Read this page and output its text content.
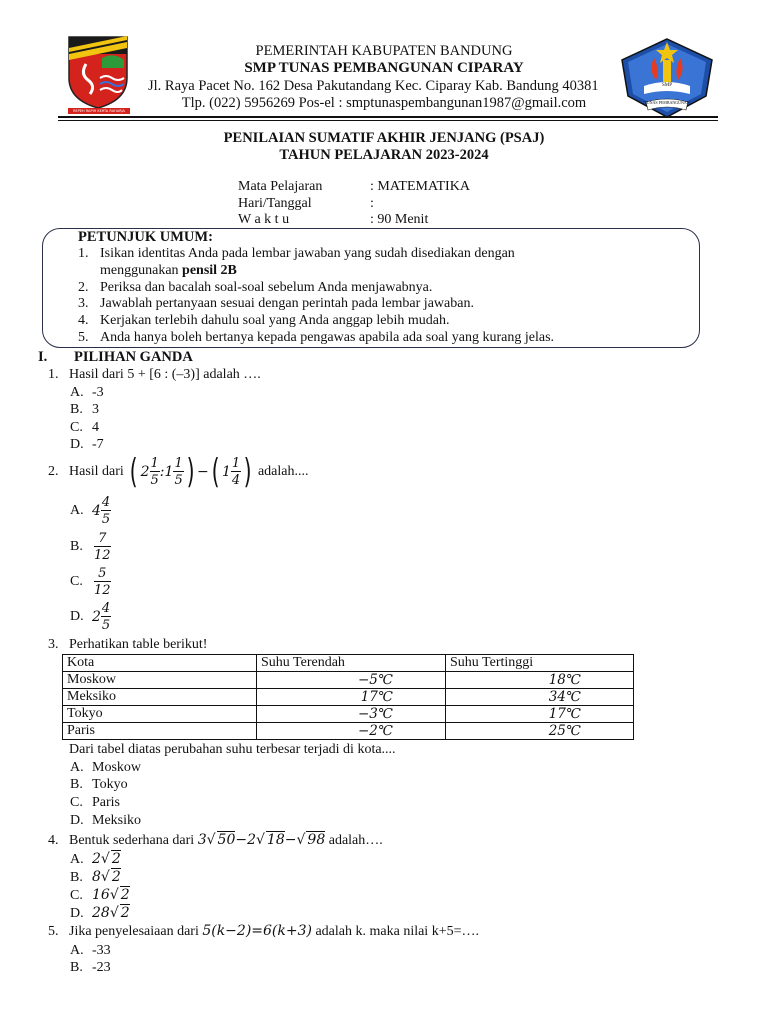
REPEH RAPIH KERTA RAHARJA
SMP
TUNAS PEMBANGUNAN
PEMERINTAH KABUPATEN BANDUNG
SMP TUNAS PEMBANGUNAN CIPARAY
Jl. Raya Pacet No. 162 Desa Pakutandang Kec. Ciparay Kab. Bandung 40381
Tlp. (022) 5956269 Pos-el : smptunaspembangunan1987@gmail.com
PENILAIAN SUMATIF AKHIR JENJANG (PSAJ)
TAHUN PELAJARAN 2023-2024
Mata Pelajaran	: MATEMATIKA
Hari/Tanggal	:
W a k t u	: 90 Menit
PETUNJUK UMUM:
1. Isikan identitas Anda pada lembar jawaban yang sudah disediakan dengan
menggunakan pensil 2B
2. Periksa dan bacalah soal-soal sebelum Anda menjawabnya.
3. Jawablah pertanyaan sesuai dengan perintah pada lembar jawaban.
4. Kerjakan terlebih dahulu soal yang Anda anggap lebih mudah.
5. Anda hanya boleh bertanya kepada pengawas apabila ada soal yang kurang jelas.
I. PILIHAN GANDA
1. Hasil dari 5 + [6 : (–3)] adalah ….
A. -3
B. 3
C. 4
D. -7
2. Hasil dari ( $2 \frac{1}{5}$ :1 $\frac{1}{5}$ ) −( $1 \frac{1}{4}$ ) adalah....
A. $4 \frac{4}{5}$
B. $\frac{7}{12}$
C. $\frac{5}{12}$
D. $2 \frac{4}{5}$
3. Perhatikan table berikut!
Kota	Suhu Terendah	Suhu Tertinggi
Moskow	−5℃	18℃
Meksiko	17℃	34℃
Tokyo	−3℃	17℃
Paris	−2℃	25℃
Dari tabel diatas perubahan suhu terbesar terjadi di kota....
A. Moskow
B. Tokyo
C. Paris
D. Meksiko
4. Bentuk sederhana dari 3√ 50−2√ 18−√ 98 adalah….
A. 2√ 2
B. 8√ 2
C. 16√ 2
D. 28√ 2
5. Jika penyelesaiaan dari 5(k−2)=6(k+3) adalah k. maka nilai k+5=….
A. -33
B. -23
